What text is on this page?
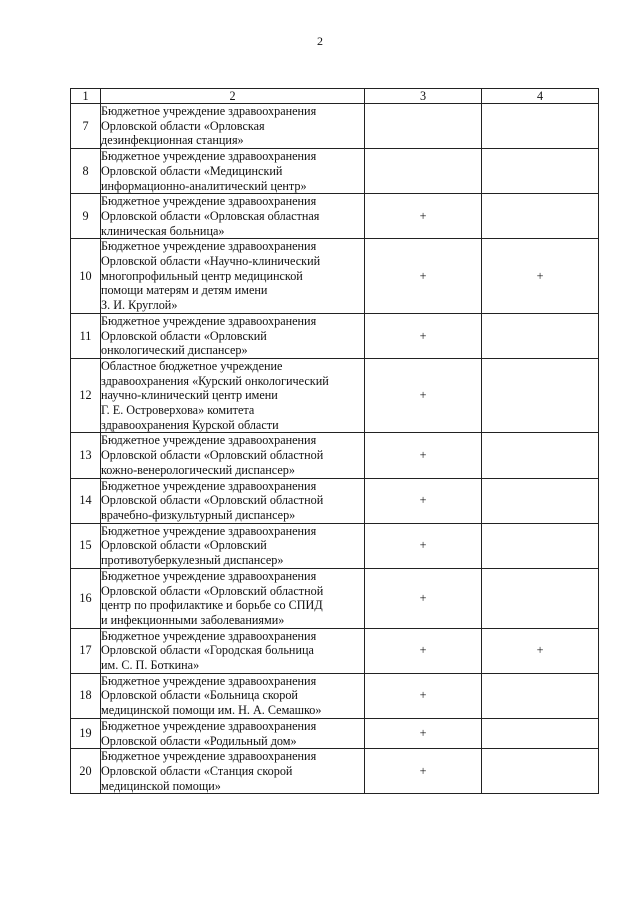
2
1	2	3	4
7	Бюджетное учреждение здравоохранения
Орловской области «Орловская
дезинфекционная станция»		

8	Бюджетное учреждение здравоохранения
Орловской области «Медицинский
информационно-аналитический центр»		

9	Бюджетное учреждение здравоохранения
Орловской области «Орловская областная
клиническая больница»	+	
10	Бюджетное учреждение здравоохранения
Орловской области «Научно-клинический
многопрофильный центр медицинской
помощи матерям и детям имени
З. И. Круглой»	+	+
11	Бюджетное учреждение здравоохранения
Орловской области «Орловский
онкологический диспансер»	+	
12	Областное бюджетное учреждение
здравоохранения «Курский онкологический
научно-клинический центр имени
Г. Е. Островерхова» комитета
здравоохранения Курской области	+	
13	Бюджетное учреждение здравоохранения
Орловской области «Орловский областной
кожно-венерологический диспансер»	+	
14	Бюджетное учреждение здравоохранения
Орловской области «Орловский областной
врачебно-физкультурный диспансер»	+	
15	Бюджетное учреждение здравоохранения
Орловской области «Орловский
противотуберкулезный диспансер»	+	
16	Бюджетное учреждение здравоохранения
Орловской области «Орловский областной
центр по профилактике и борьбе со СПИД
и инфекционными заболеваниями»	+	
17	Бюджетное учреждение здравоохранения
Орловской области «Городская больница
им. С. П. Боткина»	+	+
18	Бюджетное учреждение здравоохранения
Орловской области «Больница скорой
медицинской помощи им. Н. А. Семашко»	+	
19	Бюджетное учреждение здравоохранения
Орловской области «Родильный дом»	+	
20	Бюджетное учреждение здравоохранения
Орловской области «Станция скорой
медицинской помощи»	+	
